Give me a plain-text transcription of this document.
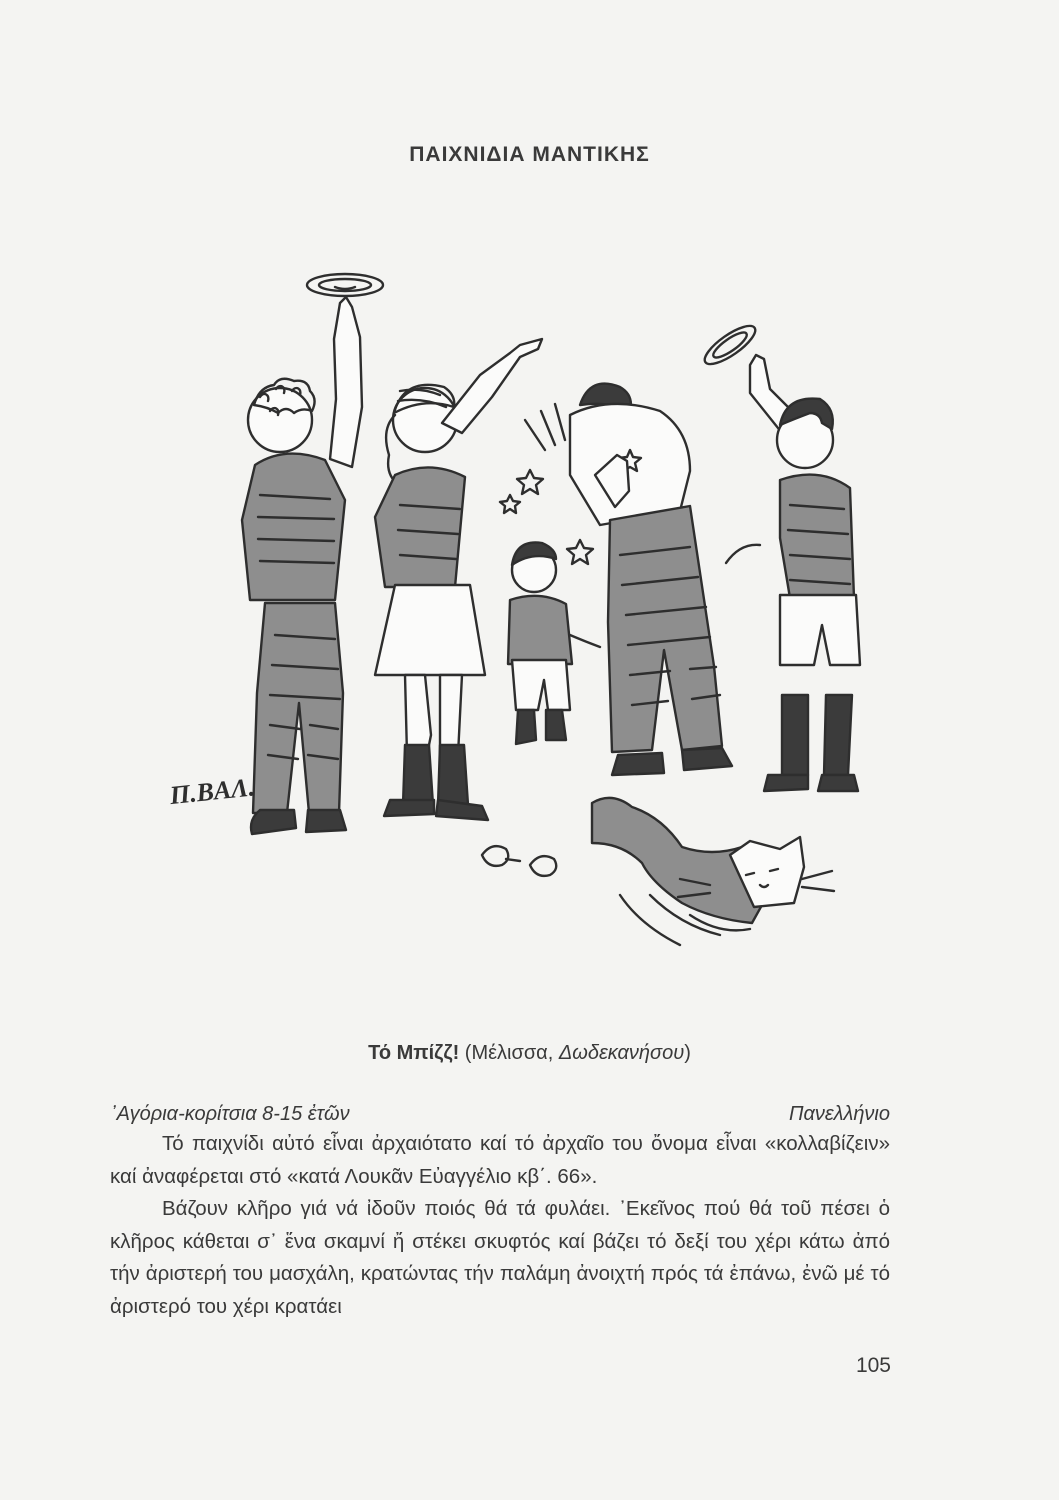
ΠΑΙΧΝΙΔΙΑ ΜΑΝΤΙΚΗΣ
Π.ΒΑΛ.
Τό Μπίζζ! (Μέλισσα, Δωδεκανήσου)
᾿Αγόρια-κορίτσια 8-15 ἐτῶν	Πανελλήνιο

Τό παιχνίδι αὐτό εἶναι ἀρχαιότατο καί τό ἀρχαῖο του ὄνομα εἶναι «κολλαβίζειν» καί ἀναφέρεται στό «κατά Λουκᾶν Εὐαγγέλιο κβ΄. 66».

Βάζουν κλῆρο γιά νά ἰδοῦν ποιός θά τά φυλάει. ᾿Εκεῖνος πού θά τοῦ πέσει ὁ κλῆρος κάθεται σ᾿ ἕνα σκαμνί ἤ στέκει σκυφτός καί βάζει τό δεξί του χέρι κάτω ἀπό τήν ἀριστερή του μασχάλη, κρατώντας τήν παλάμη ἀνοιχτή πρός τά ἐπάνω, ἐνῶ μέ τό ἀριστερό του χέρι κρατάει

105
